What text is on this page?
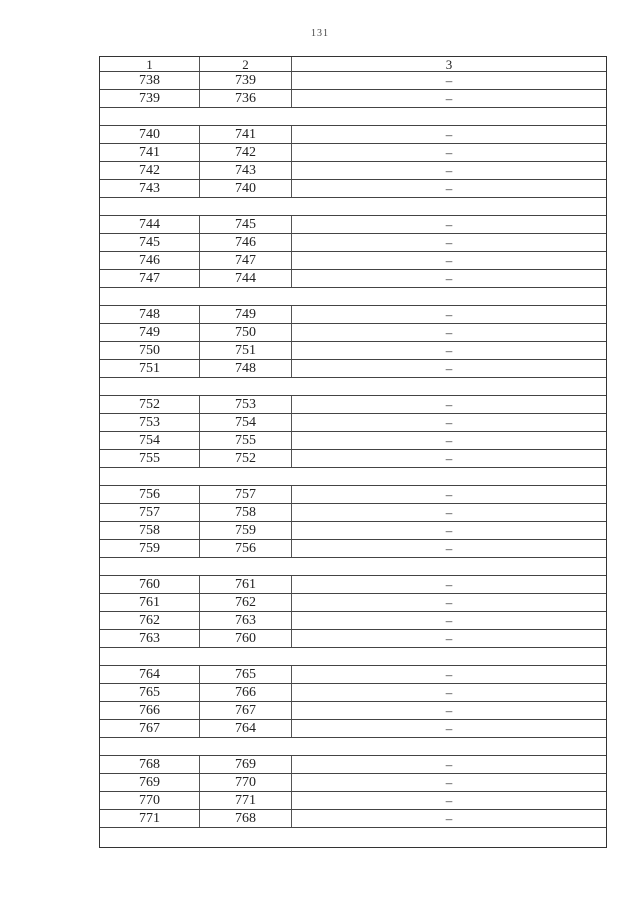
131
1	2	3
738	739	–
739	736	–
740	741	–
741	742	–
742	743	–
743	740	–
744	745	–
745	746	–
746	747	–
747	744	–
748	749	–
749	750	–
750	751	–
751	748	–
752	753	–
753	754	–
754	755	–
755	752	–
756	757	–
757	758	–
758	759	–
759	756	–
760	761	–
761	762	–
762	763	–
763	760	–
764	765	–
765	766	–
766	767	–
767	764	–
768	769	–
769	770	–
770	771	–
771	768	–
